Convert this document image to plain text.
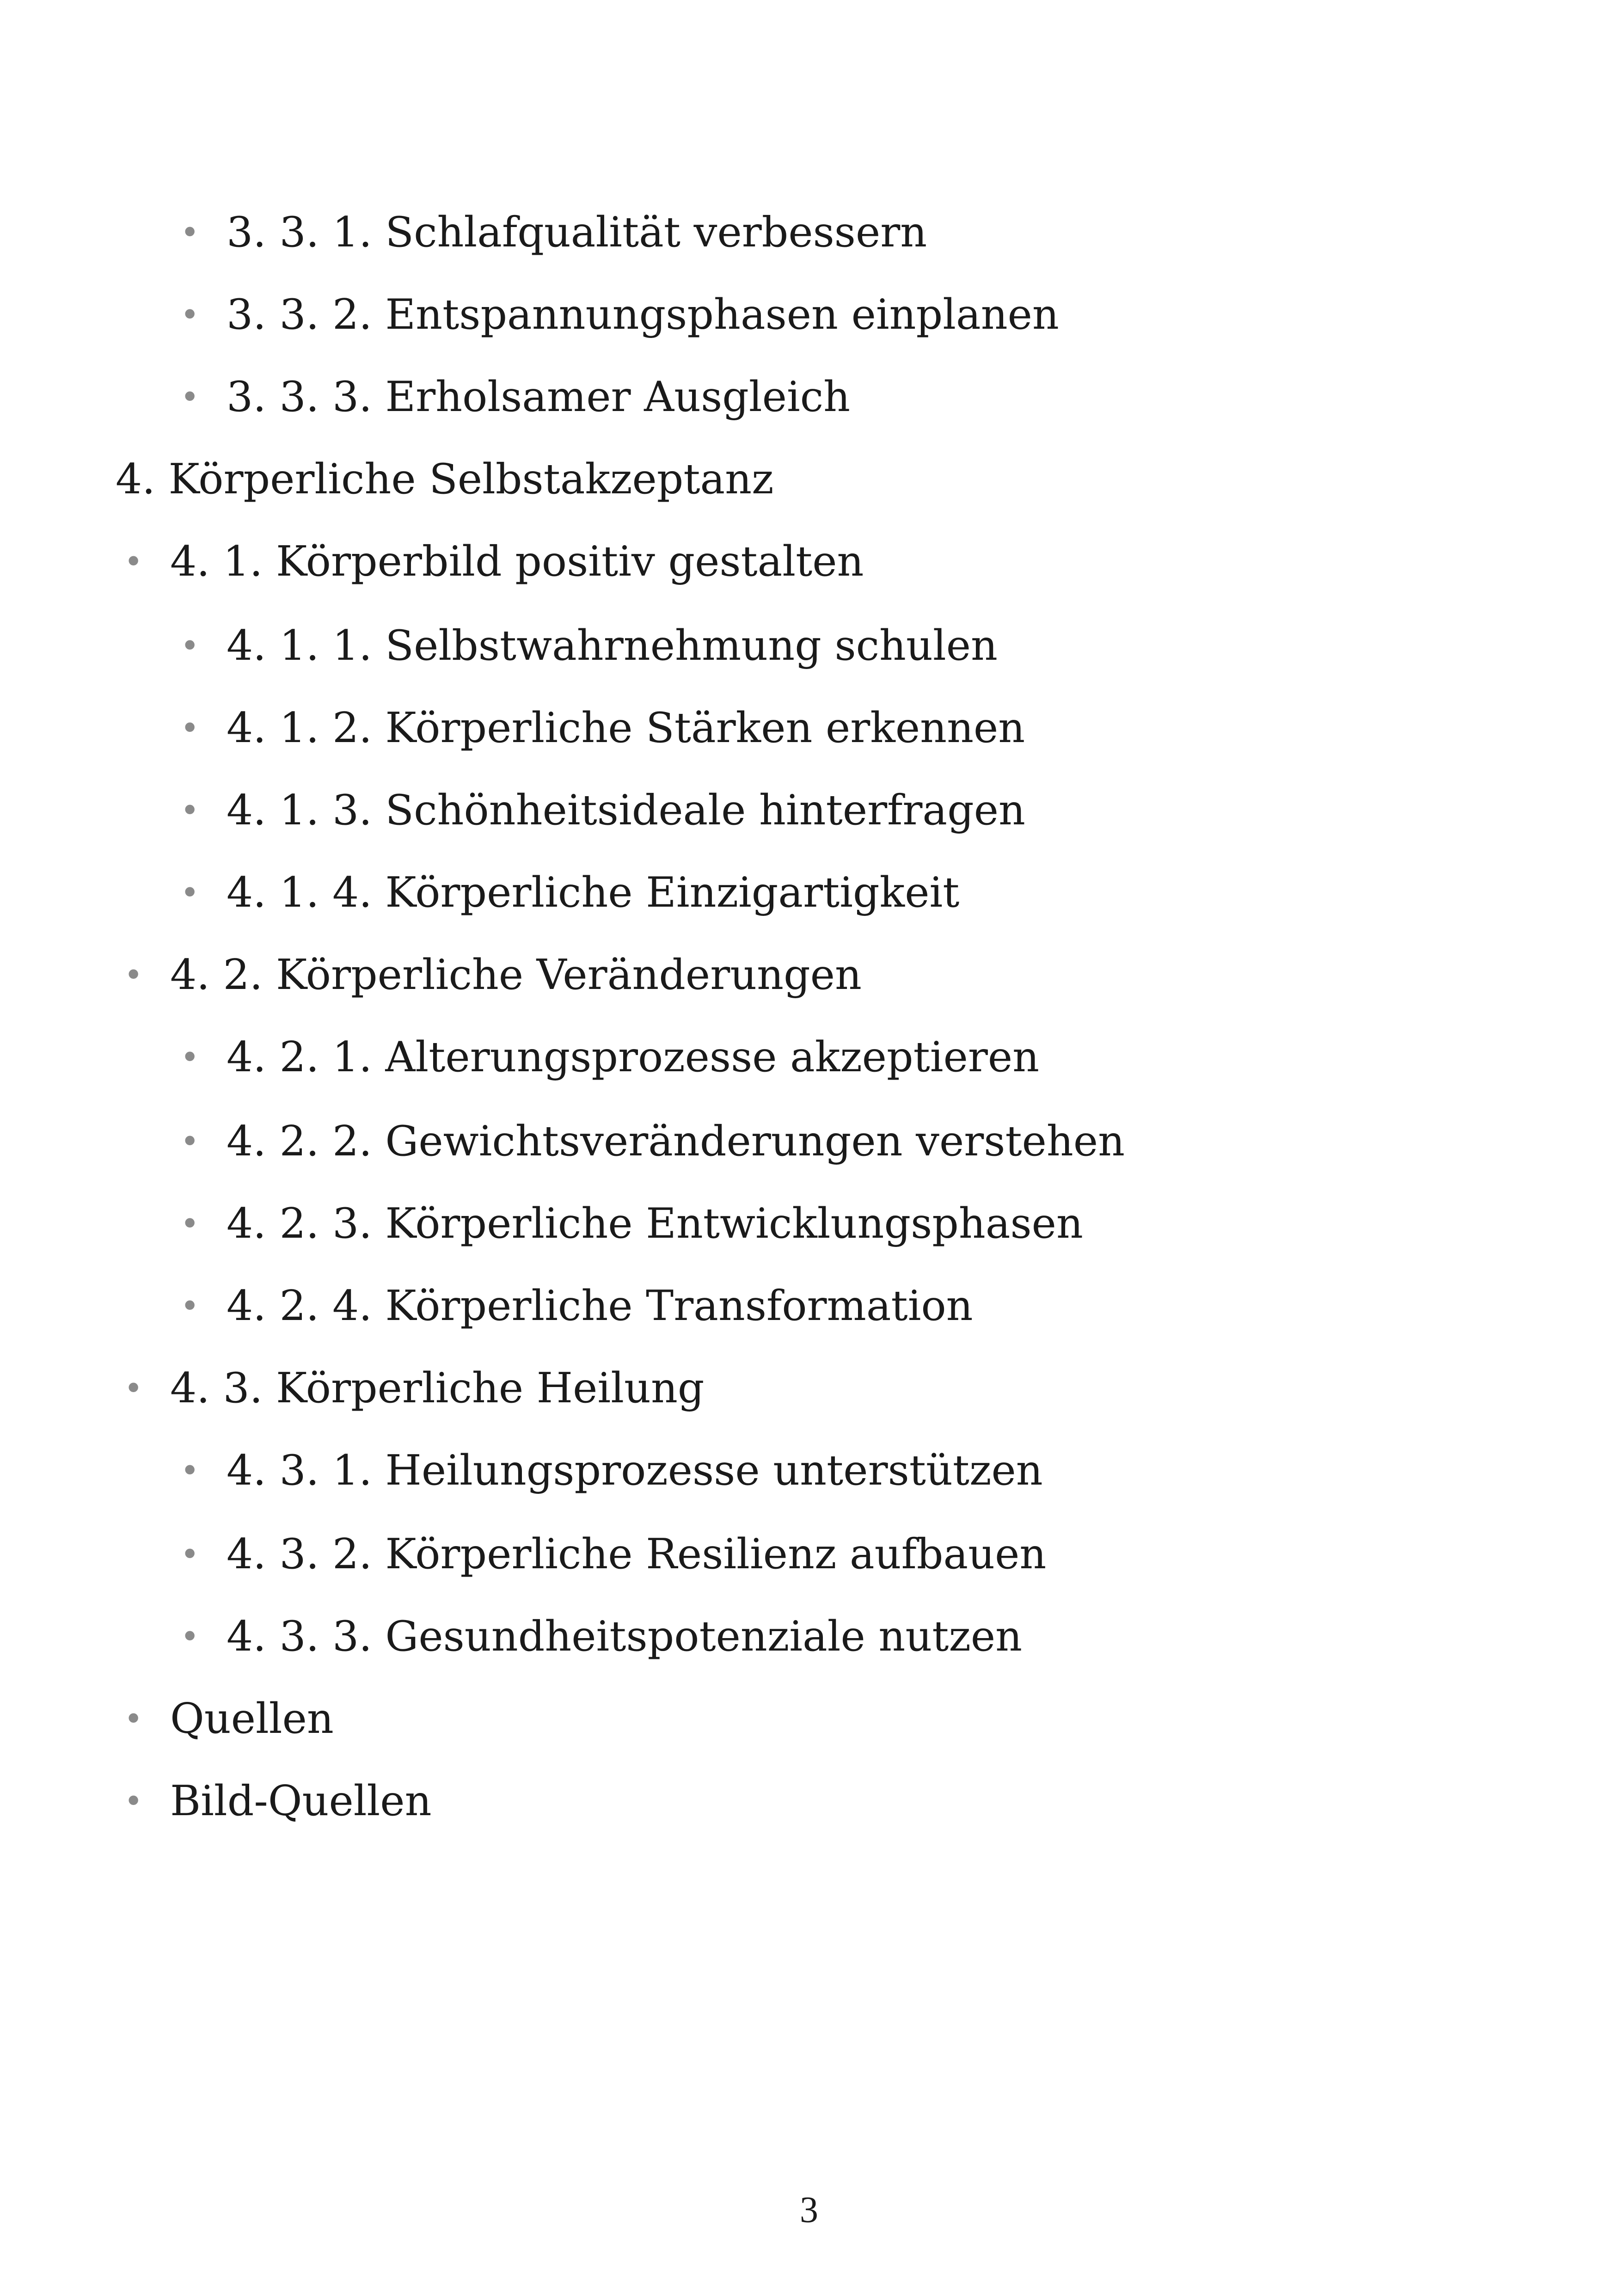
• 3. 3. 1. Schlafqualität verbessern
• 3. 3. 2. Entspannungsphasen einplanen
• 3. 3. 3. Erholsamer Ausgleich
4. Körperliche Selbstakzeptanz
• 4. 1. Körperbild positiv gestalten
• 4. 1. 1. Selbstwahrnehmung schulen
• 4. 1. 2. Körperliche Stärken erkennen
• 4. 1. 3. Schönheitsideale hinterfragen
• 4. 1. 4. Körperliche Einzigartigkeit
• 4. 2. Körperliche Veränderungen
• 4. 2. 1. Alterungsprozesse akzeptieren
• 4. 2. 2. Gewichtsveränderungen verstehen
• 4. 2. 3. Körperliche Entwicklungsphasen
• 4. 2. 4. Körperliche Transformation
• 4. 3. Körperliche Heilung
• 4. 3. 1. Heilungsprozesse unterstützen
• 4. 3. 2. Körperliche Resilienz aufbauen
• 4. 3. 3. Gesundheitspotenziale nutzen
• Quellen
• Bild-Quellen
3
